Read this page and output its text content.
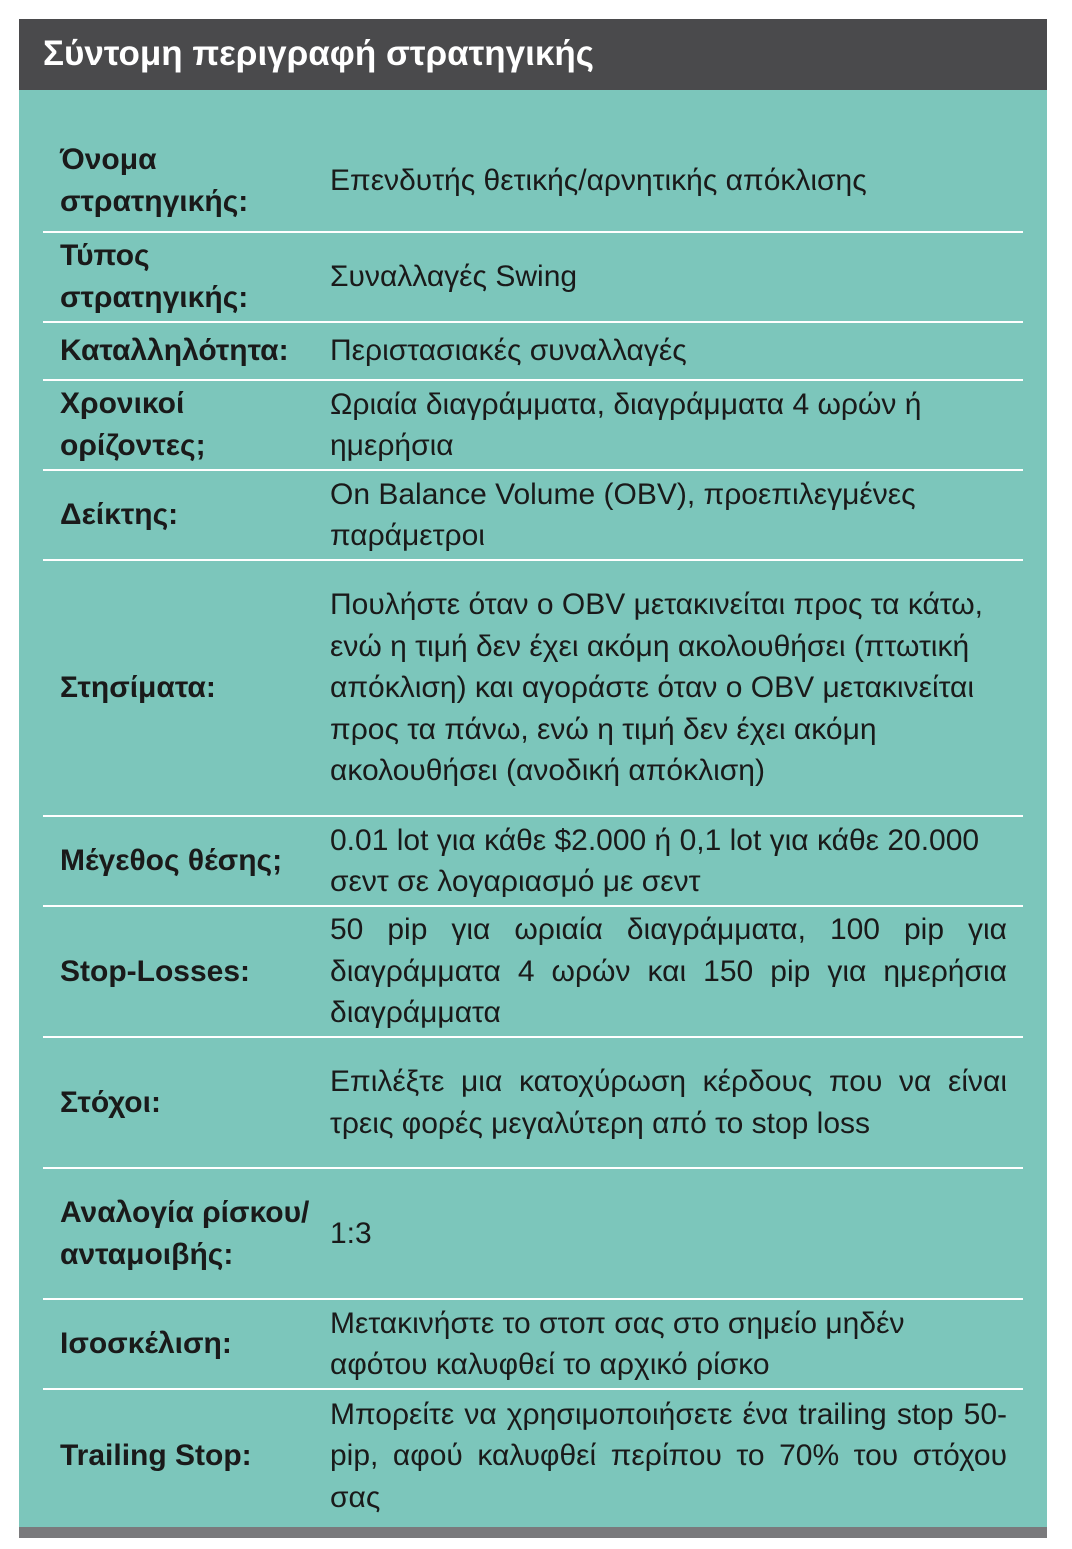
Σύντομη περιγραφή στρατηγικής
Όνομα στρατηγικής:
Επενδυτής θετικής/αρνητικής απόκλισης
Τύπος στρατηγικής:
Συναλλαγές Swing
Καταλληλότητα:	Περιστασιακές συναλλαγές
Χρονικοί ορίζοντες;
Ωριαία διαγράμματα, διαγράμματα 4 ωρών ή ημερήσια
Δείκτης:
On Balance Volume (OBV), προεπιλεγμένες παράμετροι
Στησίματα:
Πουλήστε όταν ο OBV μετακινείται προς τα κάτω, ενώ η τιμή δεν έχει ακόμη ακολουθήσει (πτωτική απόκλιση) και αγοράστε όταν ο OBV μετακινείται προς τα πάνω, ενώ η τιμή δεν έχει ακόμη ακολουθήσει (ανοδική απόκλιση)
Μέγεθος θέσης;
0.01 lot για κάθε $2.000 ή 0,1 lot για κάθε 20.000 σεντ σε λογαριασμό με σεντ
Stop-Losses:
50 pip για ωριαία διαγράμματα, 100 pip για διαγράμματα 4 ωρών και 150 pip για ημερήσια διαγράμματα
Στόχοι:
Επιλέξτε μια κατοχύρωση κέρδους που να είναι τρεις φορές μεγαλύτερη από το stop loss
Αναλογία ρίσκου/ ανταμοιβής:
1:3
Ισοσκέλιση:
Μετακινήστε το στοπ σας στο σημείο μηδέν αφότου καλυφθεί το αρχικό ρίσκο
Trailing Stop:
Μπορείτε να χρησιμοποιήσετε ένα trailing stop 50-pip, αφού καλυφθεί περίπου το 70% του στόχου σας
